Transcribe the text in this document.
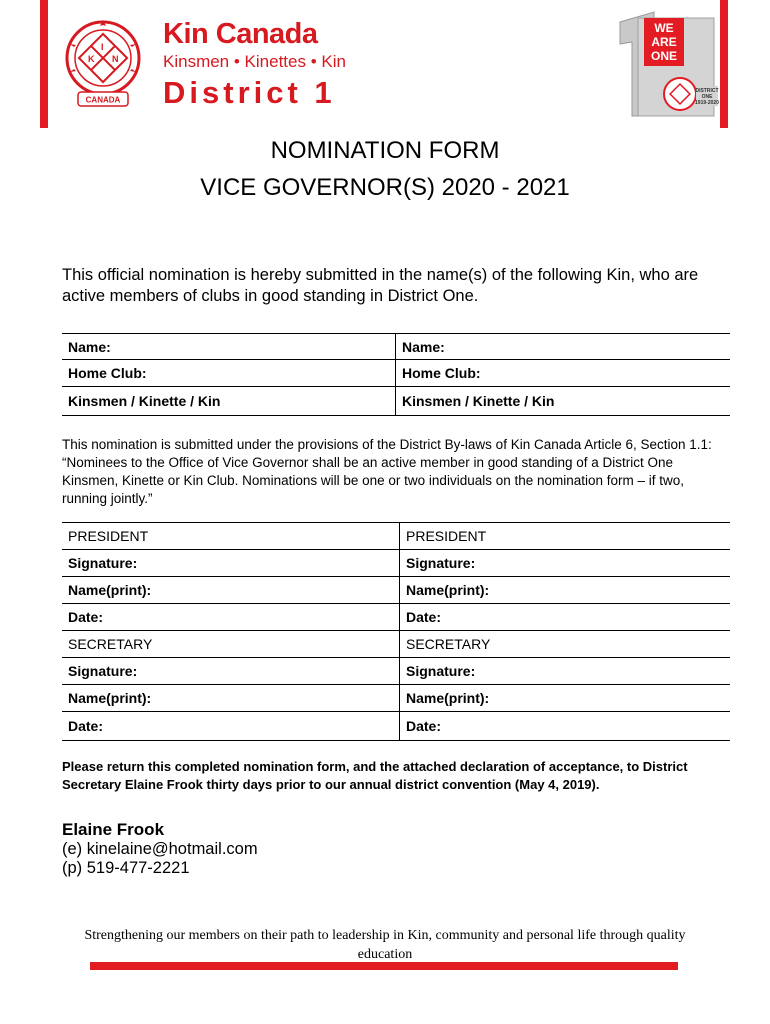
K
I
N
CANADA
Kin Canada
Kinsmen • Kinettes • Kin
District 1
WE
ARE
ONE
DISTRICT
ONE
1919-2020
NOMINATION FORM
VICE GOVERNOR(S) 2020 - 2021
This official nomination is hereby submitted in the name(s) of the following Kin, who are active members of clubs in good standing in District One.
Name:	Name:
Home Club:	Home Club:
Kinsmen / Kinette / Kin	Kinsmen / Kinette / Kin
This nomination is submitted under the provisions of the District By-laws of Kin Canada Article 6, Section 1.1: “Nominees to the Office of Vice Governor shall be an active member in good standing of a District One Kinsmen, Kinette or Kin Club. Nominations will be one or two individuals on the nomination form – if two, running jointly.”
PRESIDENT	PRESIDENT
Signature:	Signature:
Name(print):	Name(print):
Date:	Date:
SECRETARY	SECRETARY
Signature:	Signature:
Name(print):	Name(print):
Date:	Date:
Please return this completed nomination form, and the attached declaration of acceptance, to District Secretary Elaine Frook thirty days prior to our annual district convention (May 4, 2019).
Elaine Frook
(e) kinelaine@hotmail.com
(p) 519-477-2221
Strengthening our members on their path to leadership in Kin, community and personal life through quality education
